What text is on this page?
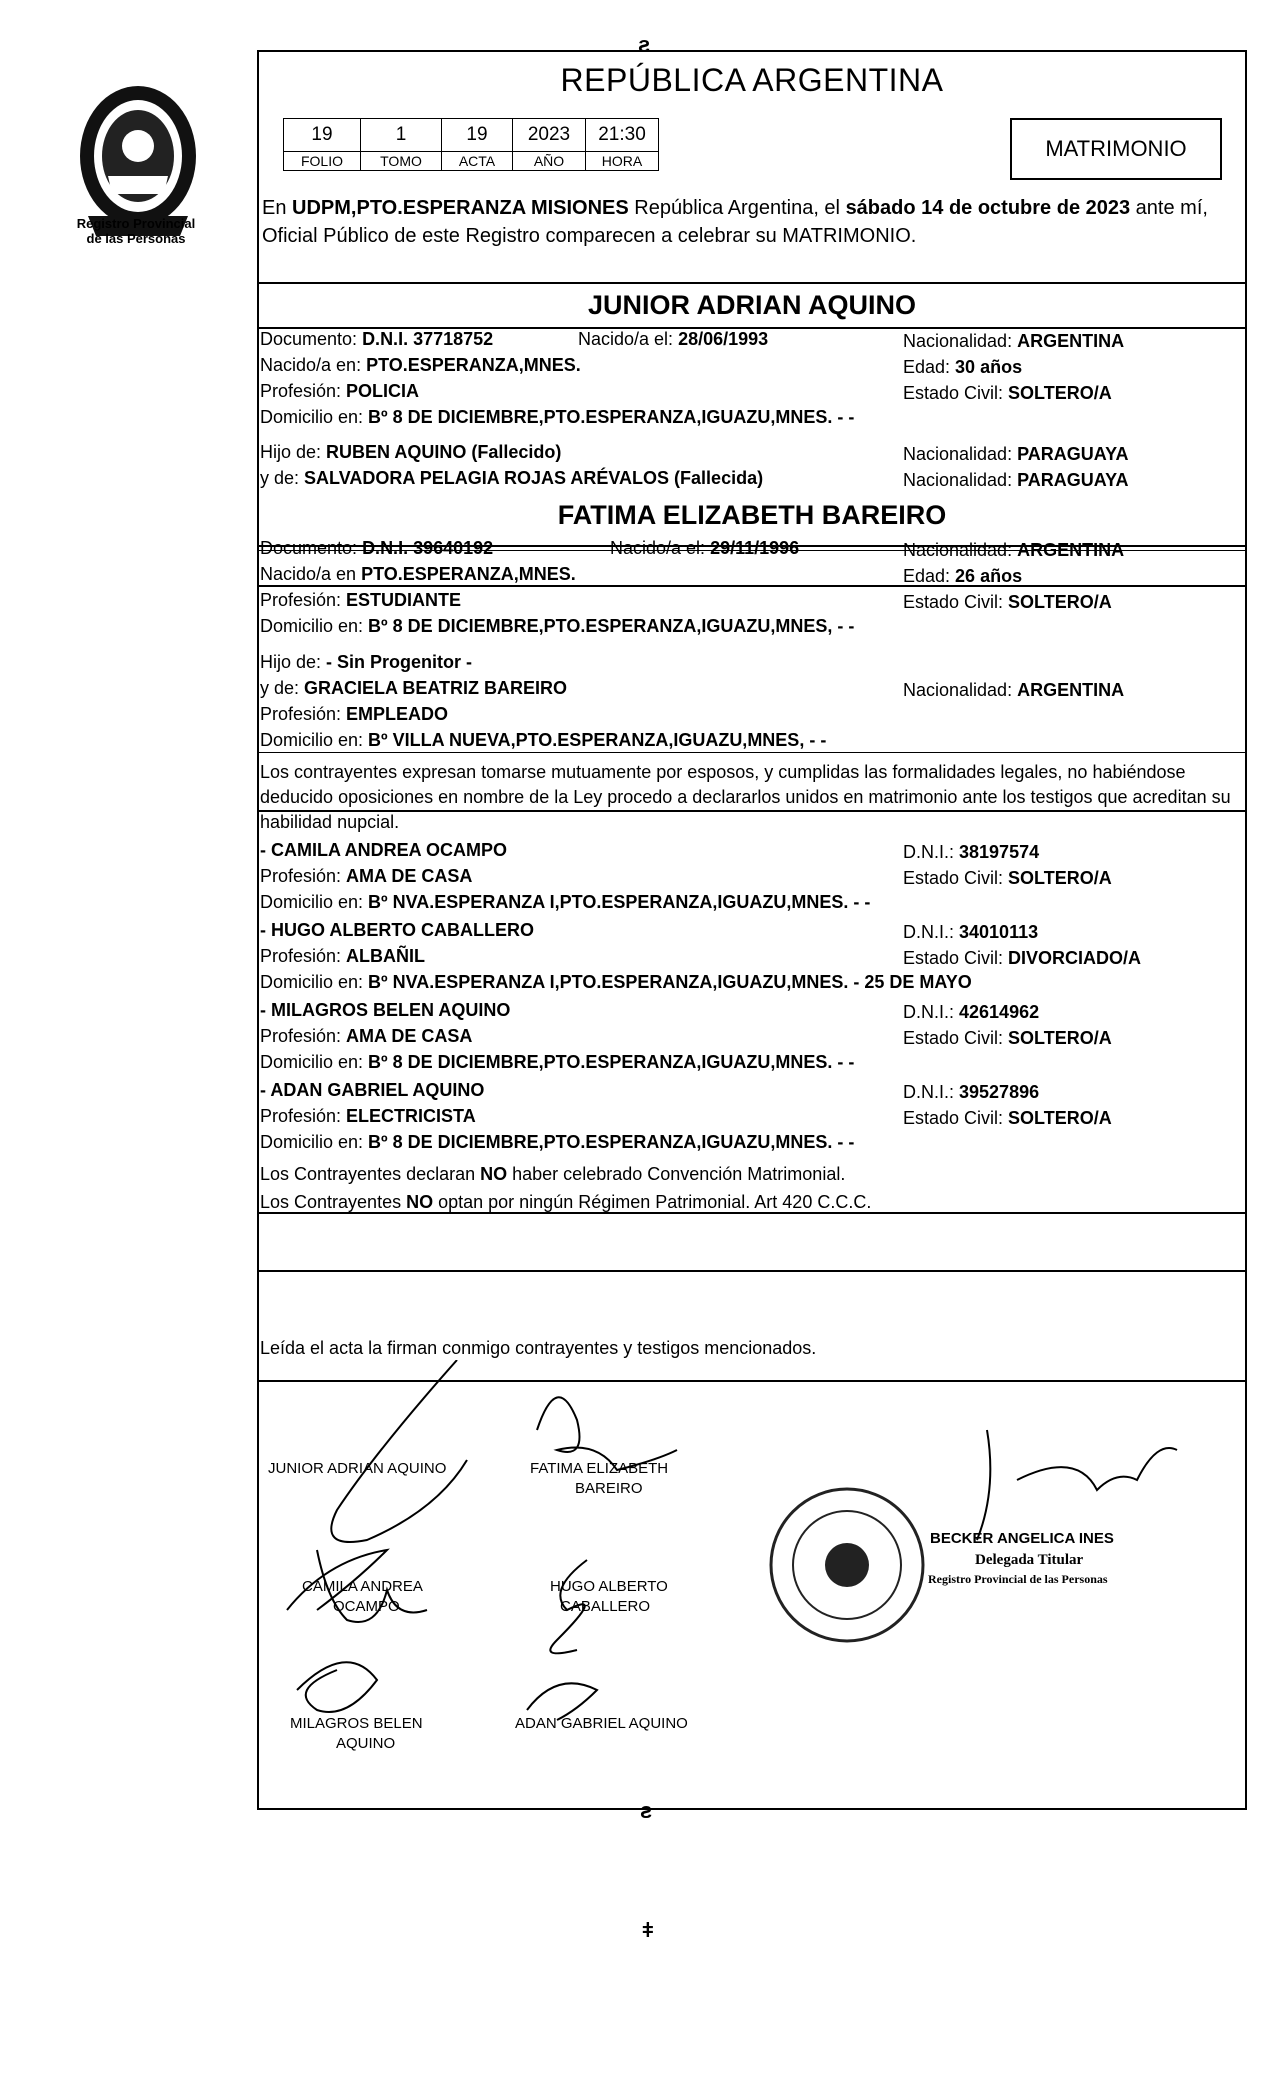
Registro Provincial
de las Personas
ƨ
REPÚBLICA ARGENTINA
19	1	19	2023	21:30
FOLIO	TOMO	ACTA	AÑO	HORA	MATRIMONIO
En UDPM,PTO.ESPERANZA MISIONES República Argentina, el sábado 14 de octubre de 2023 ante mí, Oficial Público de este Registro comparecen a celebrar su MATRIMONIO.
JUNIOR ADRIAN AQUINO
Documento: D.N.I. 37718752	Nacido/a el: 28/06/1993	Nacionalidad: ARGENTINA
Nacido/a en: PTO.ESPERANZA,MNES.	Edad: 30 años
Profesión: POLICIA	Estado Civil: SOLTERO/A
Domicilio en: Bº 8 DE DICIEMBRE,PTO.ESPERANZA,IGUAZU,MNES. - -
Hijo de: RUBEN AQUINO (Fallecido)	Nacionalidad: PARAGUAYA
y de: SALVADORA PELAGIA ROJAS ARÉVALOS (Fallecida)	Nacionalidad: PARAGUAYA
FATIMA ELIZABETH BAREIRO
Documento: D.N.I. 39640192	Nacido/a el: 29/11/1996	Nacionalidad: ARGENTINA
Nacido/a en PTO.ESPERANZA,MNES.	Edad: 26 años
Profesión: ESTUDIANTE	Estado Civil: SOLTERO/A
Domicilio en: Bº 8 DE DICIEMBRE,PTO.ESPERANZA,IGUAZU,MNES, - -
Hijo de: - Sin Progenitor -
y de: GRACIELA BEATRIZ BAREIRO	Nacionalidad: ARGENTINA
Profesión: EMPLEADO
Domicilio en: Bº VILLA NUEVA,PTO.ESPERANZA,IGUAZU,MNES, - -
Los contrayentes expresan tomarse mutuamente por esposos, y cumplidas las formalidades legales, no habiéndose deducido oposiciones en nombre de la Ley procedo a declararlos unidos en matrimonio ante los testigos que acreditan su habilidad nupcial.
- CAMILA ANDREA OCAMPO	D.N.I.: 38197574
Profesión: AMA DE CASA	Estado Civil: SOLTERO/A
Domicilio en: Bº NVA.ESPERANZA I,PTO.ESPERANZA,IGUAZU,MNES. - -
- HUGO ALBERTO CABALLERO	D.N.I.: 34010113
Profesión: ALBAÑIL	Estado Civil: DIVORCIADO/A
Domicilio en: Bº NVA.ESPERANZA I,PTO.ESPERANZA,IGUAZU,MNES. - 25 DE MAYO
- MILAGROS BELEN AQUINO	D.N.I.: 42614962
Profesión: AMA DE CASA	Estado Civil: SOLTERO/A
Domicilio en: Bº 8 DE DICIEMBRE,PTO.ESPERANZA,IGUAZU,MNES. - -
- ADAN GABRIEL AQUINO	D.N.I.: 39527896
Profesión: ELECTRICISTA	Estado Civil: SOLTERO/A
Domicilio en: Bº 8 DE DICIEMBRE,PTO.ESPERANZA,IGUAZU,MNES. - -
Los Contrayentes declaran NO haber celebrado Convención Matrimonial.
Los Contrayentes NO optan por ningún Régimen Patrimonial. Art 420 C.C.C.
Leída el acta la firman conmigo contrayentes y testigos mencionados.
JUNIOR ADRIAN AQUINO	FATIMA ELIZABETH
BAREIRO
CAMILA ANDREA
OCAMPO
HUGO ALBERTO
CABALLERO
MILAGROS BELEN
AQUINO
ADAN GABRIEL AQUINO
BECKER ANGELICA INES
Delegada Titular
Registro Provincial de las Personas
ƨ
ǂ
